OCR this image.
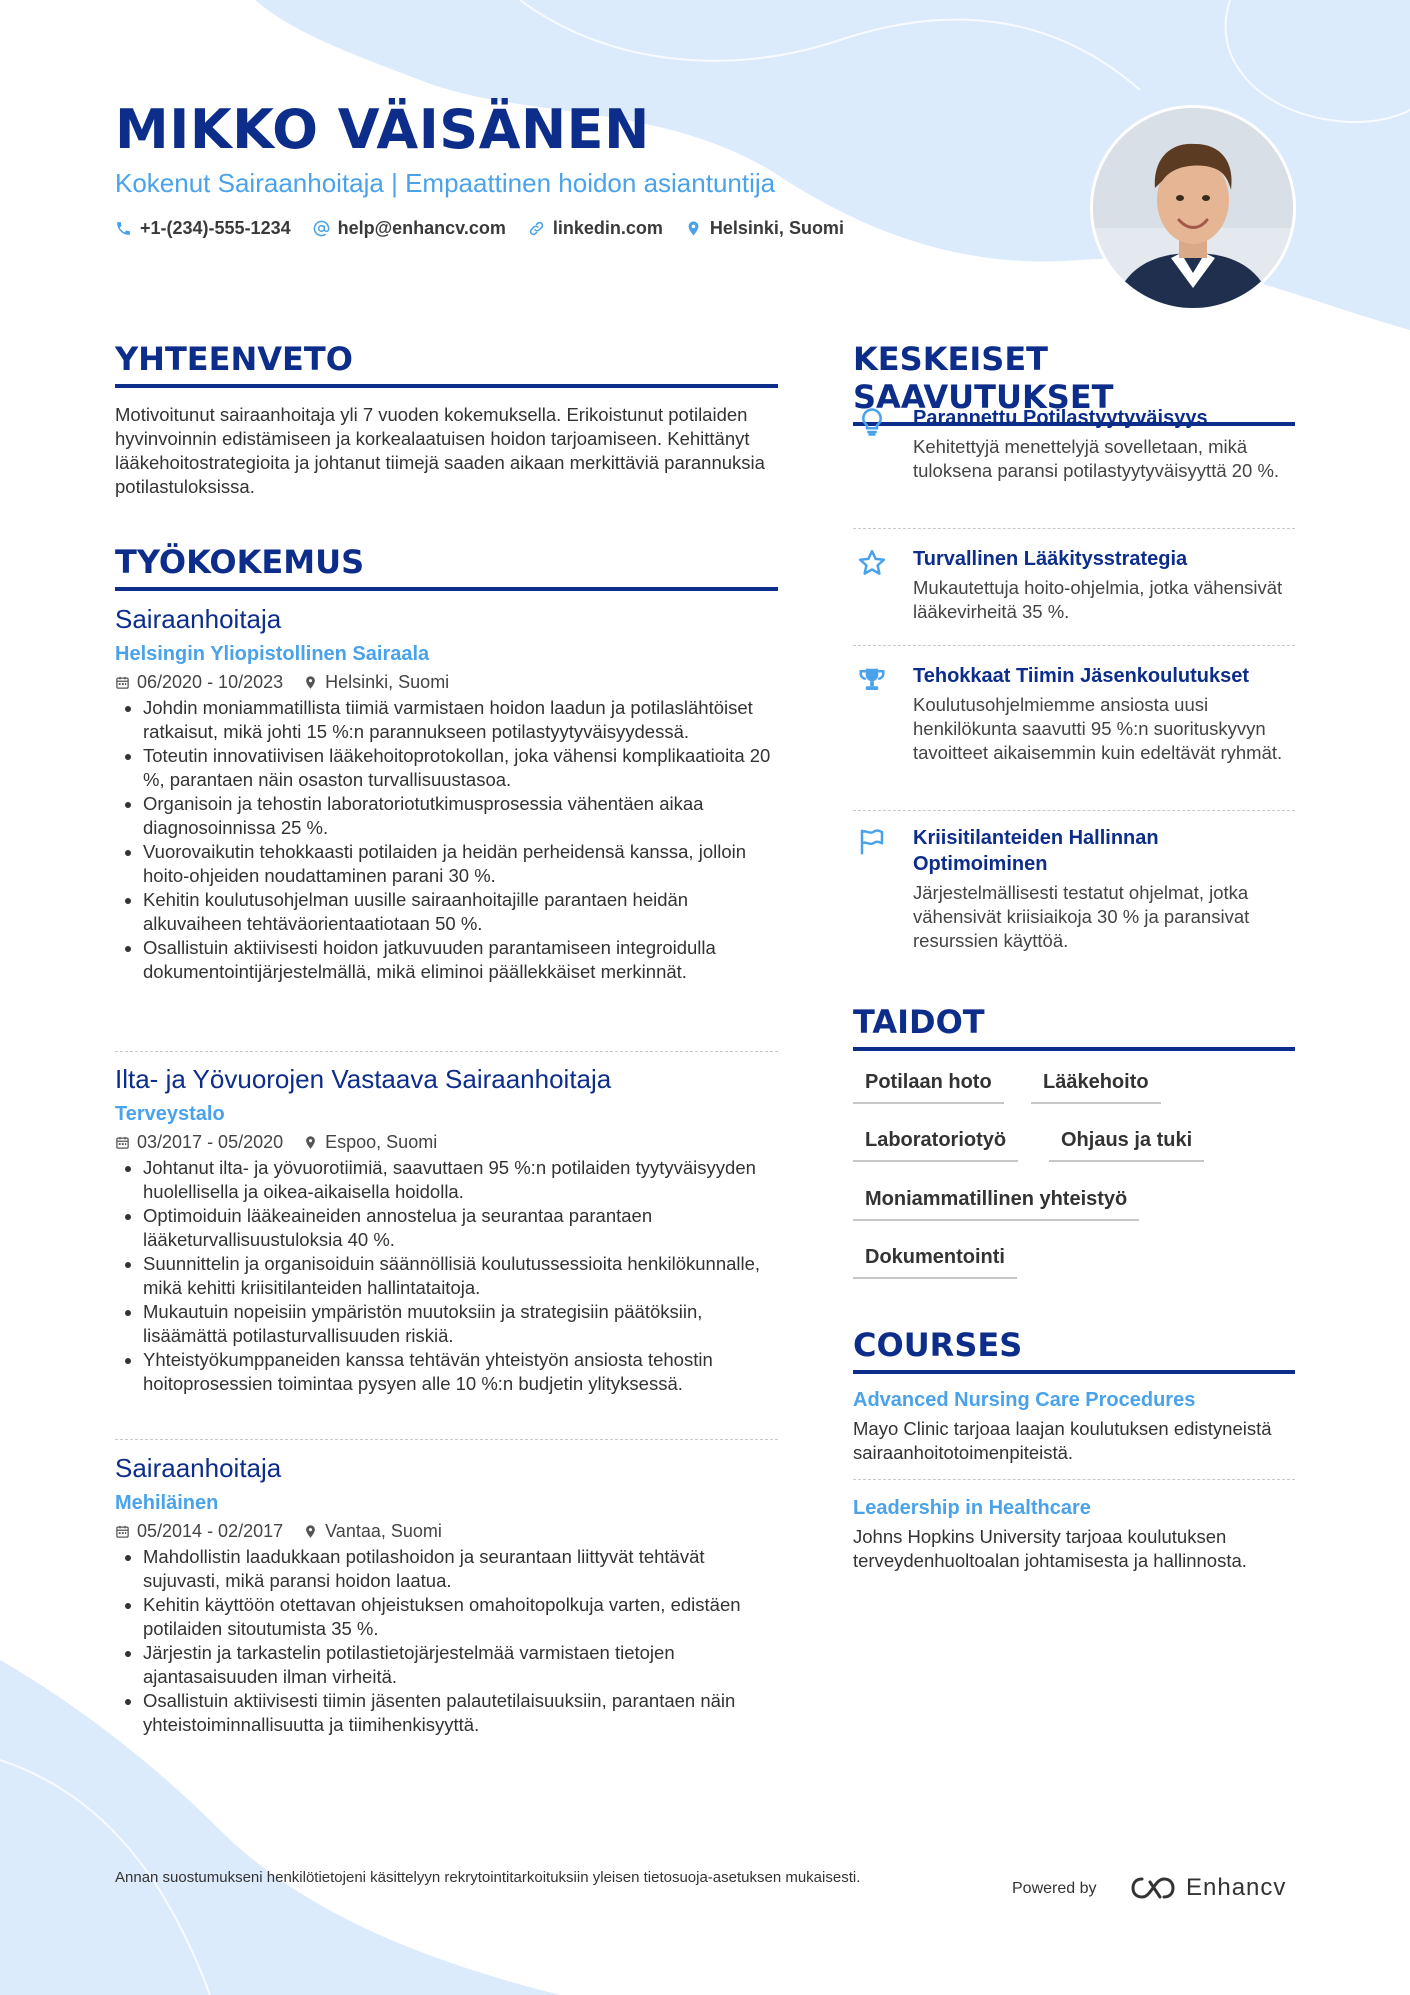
MIKKO VÄISÄNEN
Kokenut Sairaanhoitaja | Empaattinen hoidon asiantuntija
+1-(234)-555-1234	help@enhancv.com	linkedin.com	Helsinki, Suomi
YHTEENVETO
Motivoitunut sairaanhoitaja yli 7 vuoden kokemuksella. Erikoistunut potilaiden hyvinvoinnin edistämiseen ja korkealaatuisen hoidon tarjoamiseen. Kehittänyt lääkehoitostrategioita ja johtanut tiimejä saaden aikaan merkittäviä parannuksia potilastuloksissa.
TYÖKOKEMUS
Sairaanhoitaja
Helsingin Yliopistollinen Sairaala
06/2020 - 10/2023 Helsinki, Suomi
Johdin moniammatillista tiimiä varmistaen hoidon laadun ja potilaslähtöiset ratkaisut, mikä johti 15 %:n parannukseen potilastyytyväisyydessä.
Toteutin innovatiivisen lääkehoitoprotokollan, joka vähensi komplikaatioita 20 %, parantaen näin osaston turvallisuustasoa.
Organisoin ja tehostin laboratoriotutkimusprosessia vähentäen aikaa diagnosoinnissa 25 %.
Vuorovaikutin tehokkaasti potilaiden ja heidän perheidensä kanssa, jolloin hoito-ohjeiden noudattaminen parani 30 %.
Kehitin koulutusohjelman uusille sairaanhoitajille parantaen heidän alkuvaiheen tehtäväorientaatiotaan 50 %.
Osallistuin aktiivisesti hoidon jatkuvuuden parantamiseen integroidulla dokumentointijärjestelmällä, mikä eliminoi päällekkäiset merkinnät.
Ilta- ja Yövuorojen Vastaava Sairaanhoitaja
Terveystalo
03/2017 - 05/2020 Espoo, Suomi
Johtanut ilta- ja yövuorotiimiä, saavuttaen 95 %:n potilaiden tyytyväisyyden huolellisella ja oikea-aikaisella hoidolla.
Optimoiduin lääkeaineiden annostelua ja seurantaa parantaen lääketurvallisuustuloksia 40 %.
Suunnittelin ja organisoiduin säännöllisiä koulutussessioita henkilökunnalle, mikä kehitti kriisitilanteiden hallintataitoja.
Mukautuin nopeisiin ympäristön muutoksiin ja strategisiin päätöksiin, lisäämättä potilasturvallisuuden riskiä.
Yhteistyökumppaneiden kanssa tehtävän yhteistyön ansiosta tehostin hoitoprosessien toimintaa pysyen alle 10 %:n budjetin ylityksessä.
Sairaanhoitaja
Mehiläinen
05/2014 - 02/2017 Vantaa, Suomi
Mahdollistin laadukkaan potilashoidon ja seurantaan liittyvät tehtävät sujuvasti, mikä paransi hoidon laatua.
Kehitin käyttöön otettavan ohjeistuksen omahoitopolkuja varten, edistäen potilaiden sitoutumista 35 %.
Järjestin ja tarkastelin potilastietojärjestelmää varmistaen tietojen ajantasaisuuden ilman virheitä.
Osallistuin aktiivisesti tiimin jäsenten palautetilaisuuksiin, parantaen näin yhteistoiminnallisuutta ja tiimihenkisyyttä.
KESKEISET SAAVUTUKSET
Parannettu Potilastyytyväisyys
Kehitettyjä menettelyjä sovelletaan, mikä tuloksena paransi potilastyytyväisyyttä 20 %.
Turvallinen Lääkitysstrategia
Mukautettuja hoito-ohjelmia, jotka vähensivät lääkevirheitä 35 %.
Tehokkaat Tiimin Jäsenkoulutukset
Koulutusohjelmiemme ansiosta uusi henkilökunta saavutti 95 %:n suorituskyvyn tavoitteet aikaisemmin kuin edeltävät ryhmät.
Kriisitilanteiden Hallinnan Optimoiminen
Järjestelmällisesti testatut ohjelmat, jotka vähensivät kriisiaikoja 30 % ja paransivat resurssien käyttöä.
TAIDOT
Potilaan hoto	Lääkehoito
Laboratoriotyö	Ohjaus ja tuki
Moniammatillinen yhteistyö
Dokumentointi
COURSES
Advanced Nursing Care Procedures
Mayo Clinic tarjoaa laajan koulutuksen edistyneistä sairaanhoitotoimenpiteistä.
Leadership in Healthcare
Johns Hopkins University tarjoaa koulutuksen terveydenhuoltoalan johtamisesta ja hallinnosta.
Annan suostumukseni henkilötietojeni käsittelyyn rekrytointitarkoituksiin yleisen tietosuoja-asetuksen mukaisesti.
Powered by	Enhancv
